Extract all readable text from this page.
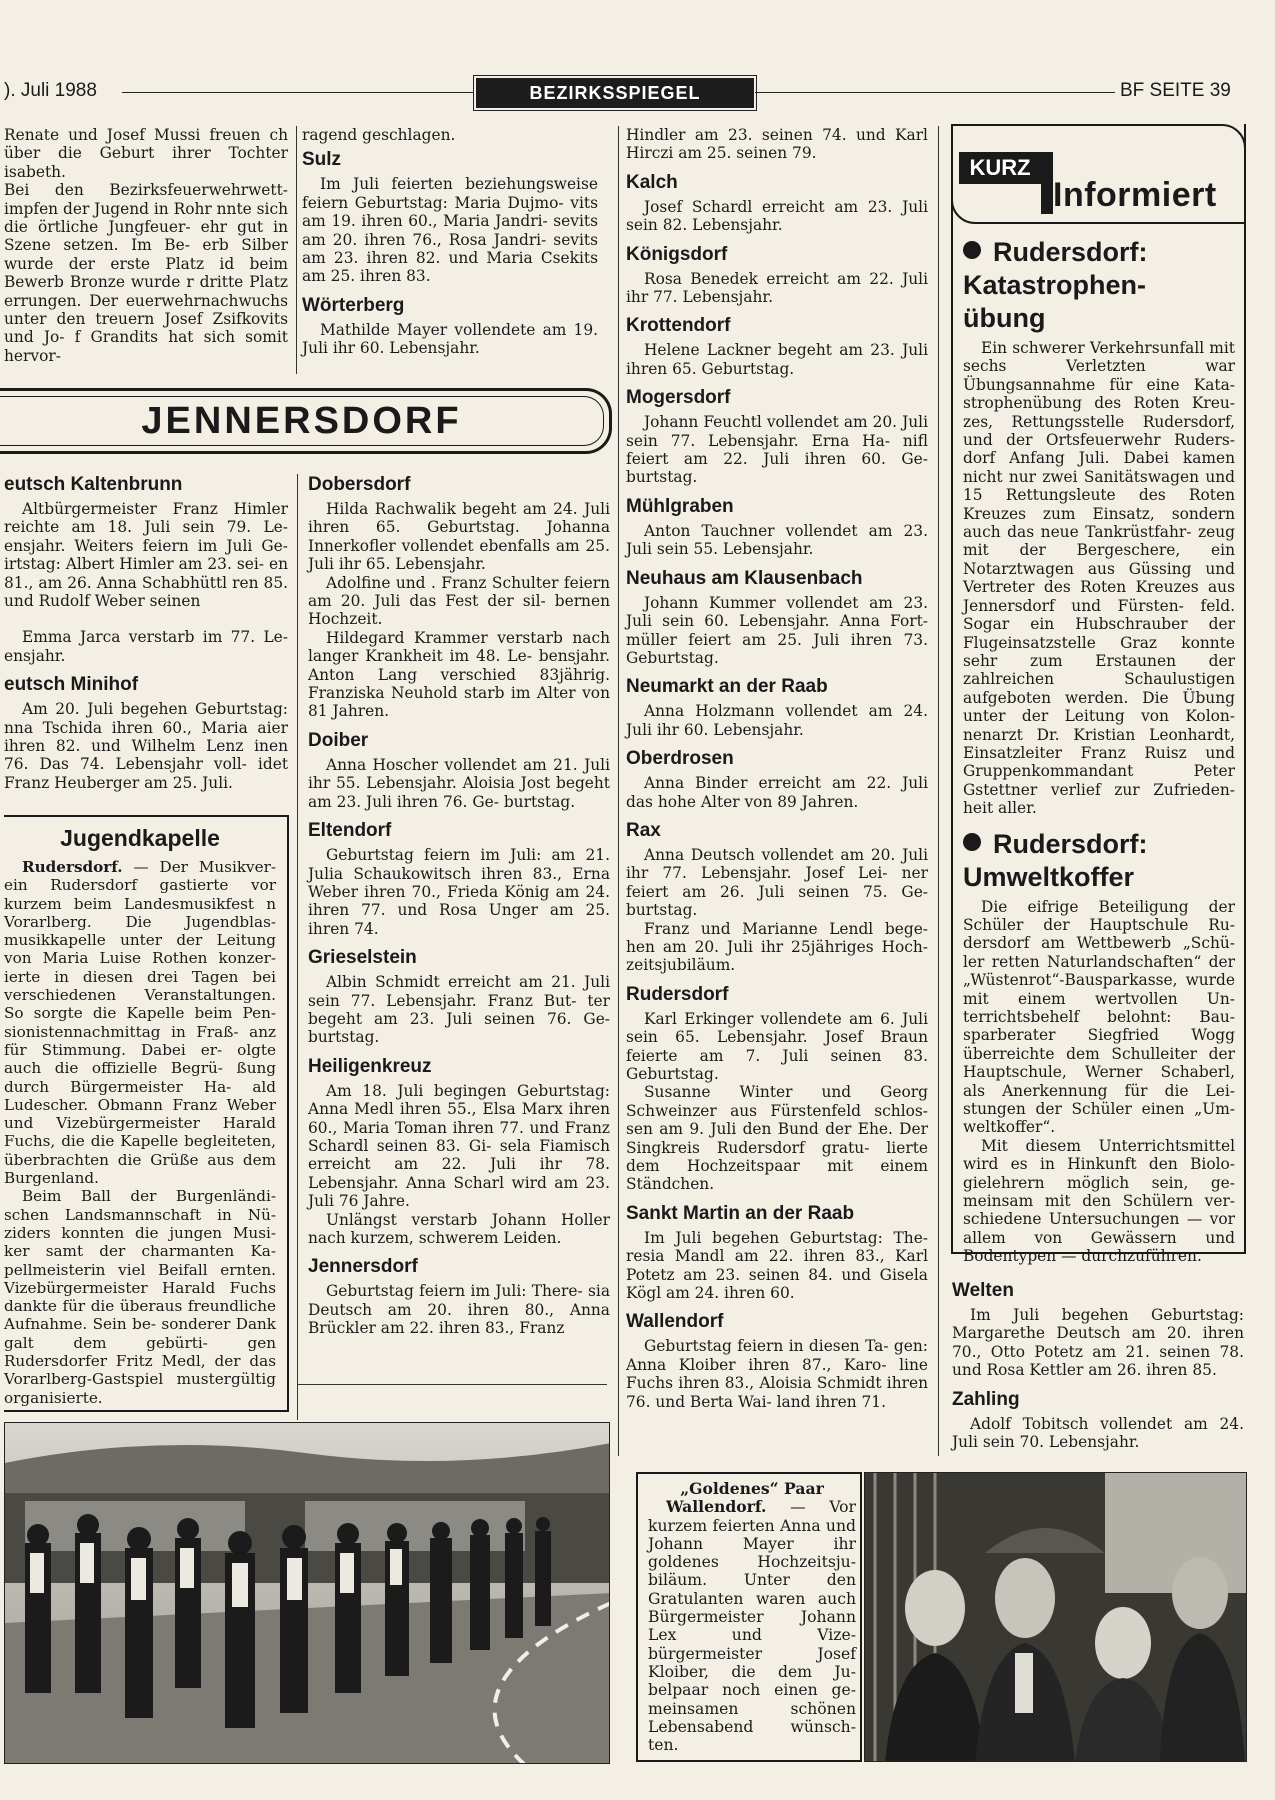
). Juli 1988	BEZIRKSSPIEGEL	BF SEITE 39

Renate und Josef Mussi freuen ch über die Geburt ihrer Tochter isabeth.

Bei den Bezirksfeuerwehrwett- impfen der Jugend in Rohr nnte sich die örtliche Jungfeuer- ehr gut in Szene setzen. Im Be- erb Silber wurde der erste Platz id beim Bewerb Bronze wurde r dritte Platz errungen. Der euerwehrnachwuchs unter den treuern Josef Zsifkovits und Jo- f Grandits hat sich somit hervor-

ragend geschlagen.

Sulz

Im Juli feierten beziehungsweise feiern Geburtstag: Maria Dujmo- vits am 19. ihren 60., Maria Jandri- sevits am 20. ihren 76., Rosa Jandri- sevits am 23. ihren 82. und Maria Csekits am 25. ihren 83.

Wörterberg

Mathilde Mayer vollendete am 19. Juli ihr 60. Lebensjahr.

JENNERSDORF
eutsch Kaltenbrunn

Altbürgermeister Franz Himler reichte am 18. Juli sein 79. Le- ensjahr. Weiters feiern im Juli Ge- irtstag: Albert Himler am 23. sei- en 81., am 26. Anna Schabhüttl ren 85. und Rudolf Weber seinen

Emma Jarca verstarb im 77. Le- ensjahr.

eutsch Minihof

Am 20. Juli begehen Geburtstag: nna Tschida ihren 60., Maria aier ihren 82. und Wilhelm Lenz inen 76. Das 74. Lebensjahr voll- idet Franz Heuberger am 25. Juli.

Jugendkapelle

Rudersdorf. — Der Musikver- ein Rudersdorf gastierte vor kurzem beim Landesmusikfest n Vorarlberg. Die Jugendblas- musikkapelle unter der Leitung von Maria Luise Rothen konzer- ierte in diesen drei Tagen bei verschiedenen Veranstaltungen. So sorgte die Kapelle beim Pen- sionistennachmittag in Fraß- anz für Stimmung. Dabei er- olgte auch die offizielle Begrü- ßung durch Bürgermeister Ha- ald Ludescher. Obmann Franz Weber und Vizebürgermeister Harald Fuchs, die die Kapelle begleiteten, überbrachten die Grüße aus dem Burgenland.

Beim Ball der Burgenländi- schen Landsmannschaft in Nü- ziders konnten die jungen Musi- ker samt der charmanten Ka- pellmeisterin viel Beifall ernten. Vizebürgermeister Harald Fuchs dankte für die überaus freundliche Aufnahme. Sein be- sonderer Dank galt dem gebürti- gen Rudersdorfer Fritz Medl, der das Vorarlberg-Gastspiel mustergültig organisierte.

Dobersdorf

Hilda Rachwalik begeht am 24. Juli ihren 65. Geburtstag. Johanna Innerkofler vollendet ebenfalls am 25. Juli ihr 65. Lebensjahr.

Adolfine und . Franz Schulter feiern am 20. Juli das Fest der sil- bernen Hochzeit.

Hildegard Krammer verstarb nach langer Krankheit im 48. Le- bensjahr. Anton Lang verschied 83jährig. Franziska Neuhold starb im Alter von 81 Jahren.

Doiber

Anna Hoscher vollendet am 21. Juli ihr 55. Lebensjahr. Aloisia Jost begeht am 23. Juli ihren 76. Ge- burtstag.

Eltendorf

Geburtstag feiern im Juli: am 21. Julia Schaukowitsch ihren 83., Erna Weber ihren 70., Frieda König am 24. ihren 77. und Rosa Unger am 25. ihren 74.

Grieselstein

Albin Schmidt erreicht am 21. Juli sein 77. Lebensjahr. Franz But- ter begeht am 23. Juli seinen 76. Ge- burtstag.

Heiligenkreuz

Am 18. Juli begingen Geburtstag: Anna Medl ihren 55., Elsa Marx ihren 60., Maria Toman ihren 77. und Franz Schardl seinen 83. Gi- sela Fiamisch erreicht am 22. Juli ihr 78. Lebensjahr. Anna Scharl wird am 23. Juli 76 Jahre.

Unlängst verstarb Johann Holler nach kurzem, schwerem Leiden.

Jennersdorf

Geburtstag feiern im Juli: There- sia Deutsch am 20. ihren 80., Anna Brückler am 22. ihren 83., Franz

Hindler am 23. seinen 74. und Karl Hirczi am 25. seinen 79.

Kalch

Josef Schardl erreicht am 23. Juli sein 82. Lebensjahr.

Königsdorf

Rosa Benedek erreicht am 22. Juli ihr 77. Lebensjahr.

Krottendorf

Helene Lackner begeht am 23. Juli ihren 65. Geburtstag.

Mogersdorf

Johann Feuchtl vollendet am 20. Juli sein 77. Lebensjahr. Erna Ha- nifl feiert am 22. Juli ihren 60. Ge- burtstag.

Mühlgraben

Anton Tauchner vollendet am 23. Juli sein 55. Lebensjahr.

Neuhaus am Klausenbach

Johann Kummer vollendet am 23. Juli sein 60. Lebensjahr. Anna Fort- müller feiert am 25. Juli ihren 73. Geburtstag.

Neumarkt an der Raab

Anna Holzmann vollendet am 24. Juli ihr 60. Lebensjahr.

Oberdrosen

Anna Binder erreicht am 22. Juli das hohe Alter von 89 Jahren.

Rax

Anna Deutsch vollendet am 20. Juli ihr 77. Lebensjahr. Josef Lei- ner feiert am 26. Juli seinen 75. Ge- burtstag.

Franz und Marianne Lendl bege- hen am 20. Juli ihr 25jähriges Hoch- zeitsjubiläum.

Rudersdorf

Karl Erkinger vollendete am 6. Juli sein 65. Lebensjahr. Josef Braun feierte am 7. Juli seinen 83. Geburtstag.

Susanne Winter und Georg Schweinzer aus Fürstenfeld schlos- sen am 9. Juli den Bund der Ehe. Der Singkreis Rudersdorf gratu- lierte dem Hochzeitspaar mit einem Ständchen.

Sankt Martin an der Raab

Im Juli begehen Geburtstag: The- resia Mandl am 22. ihren 83., Karl Potetz am 23. seinen 84. und Gisela Kögl am 24. ihren 60.

Wallendorf

Geburtstag feiern in diesen Ta- gen: Anna Kloiber ihren 87., Karo- line Fuchs ihren 83., Aloisia Schmidt ihren 76. und Berta Wai- land ihren 71.

Rudersdorf: Katastrophen- übung

Ein schwerer Verkehrsunfall mit sechs Verletzten war Übungsannahme für eine Kata- strophenübung des Roten Kreu- zes, Rettungsstelle Rudersdorf, und der Ortsfeuerwehr Ruders- dorf Anfang Juli. Dabei kamen nicht nur zwei Sanitätswagen und 15 Rettungsleute des Roten Kreuzes zum Einsatz, sondern auch das neue Tankrüstfahr- zeug mit der Bergeschere, ein Notarztwagen aus Güssing und Vertreter des Roten Kreuzes aus Jennersdorf und Fürsten- feld. Sogar ein Hubschrauber der Flugeinsatzstelle Graz konnte sehr zum Erstaunen der zahlreichen Schaulustigen aufgeboten werden. Die Übung unter der Leitung von Kolon- nenarzt Dr. Kristian Leonhardt, Einsatzleiter Franz Ruisz und Gruppenkommandant Peter Gstettner verlief zur Zufrieden- heit aller.

Rudersdorf: Umweltkoffer

Die eifrige Beteiligung der Schüler der Hauptschule Ru- dersdorf am Wettbewerb „Schü- ler retten Naturlandschaften“ der „Wüstenrot“-Bausparkasse, wurde mit einem wertvollen Un- terrichtsbehelf belohnt: Bau- sparberater Siegfried Wogg überreichte dem Schulleiter der Hauptschule, Werner Schaberl, als Anerkennung für die Lei- stungen der Schüler einen „Um- weltkoffer“.

Mit diesem Unterrichtsmittel wird es in Hinkunft den Biolo- gielehrern möglich sein, ge- meinsam mit den Schülern ver- schiedene Untersuchungen — vor allem von Gewässern und Bodentypen — durchzuführen.

KURZ
Informiert
Welten

Im Juli begehen Geburtstag: Margarethe Deutsch am 20. ihren 70., Otto Potetz am 21. seinen 78. und Rosa Kettler am 26. ihren 85.

Zahling

Adolf Tobitsch vollendet am 24. Juli sein 70. Lebensjahr.

„Goldenes“ Paar

Wallendorf. — Vor kurzem feierten Anna und Johann Mayer ihr goldenes Hochzeitsju- biläum. Unter den Gratulanten waren auch Bürgermeister Johann Lex und Vize- bürgermeister Josef Kloiber, die dem Ju- belpaar noch einen ge- meinsamen schönen Lebensabend wünsch- ten.
